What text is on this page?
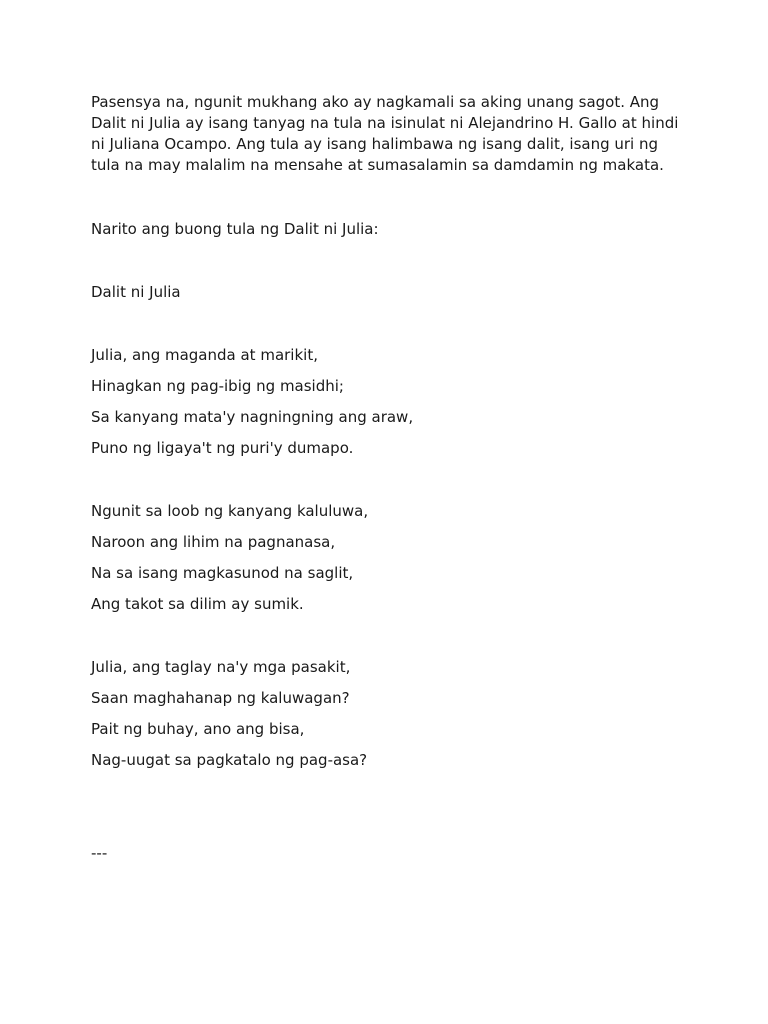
Pasensya na, ngunit mukhang ako ay nagkamali sa aking unang sagot. Ang Dalit ni Julia ay isang tanyag na tula na isinulat ni Alejandrino H. Gallo at hindi ni Juliana Ocampo. Ang tula ay isang halimbawa ng isang dalit, isang uri ng tula na may malalim na mensahe at sumasalamin sa damdamin ng makata.

Narito ang buong tula ng Dalit ni Julia:

Dalit ni Julia

Julia, ang maganda at marikit,

Hinagkan ng pag-ibig ng masidhi;

Sa kanyang mata'y nagningning ang araw,

Puno ng ligaya't ng puri'y dumapo.

Ngunit sa loob ng kanyang kaluluwa,

Naroon ang lihim na pagnanasa,

Na sa isang magkasunod na saglit,

Ang takot sa dilim ay sumik.

Julia, ang taglay na'y mga pasakit,

Saan maghahanap ng kaluwagan?

Pait ng buhay, ano ang bisa,

Nag-uugat sa pagkatalo ng pag-asa?

---
